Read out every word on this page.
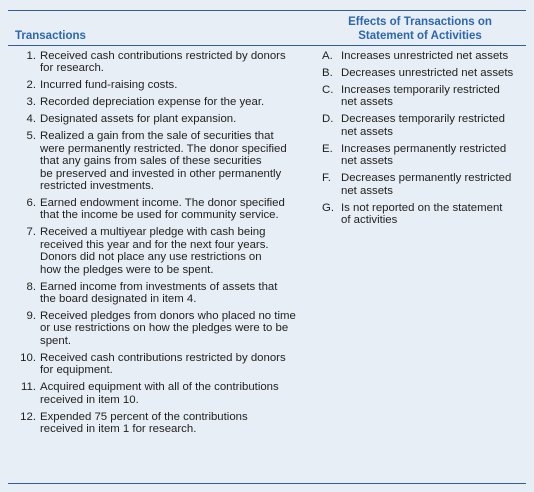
Effects of Transactions on
Statement of Activities
Transactions
1. Received cash contributions restricted by donors
for research.
2. Incurred fund-raising costs.
3. Recorded depreciation expense for the year.
4. Designated assets for plant expansion.
5. Realized a gain from the sale of securities that
were permanently restricted. The donor specified
that any gains from sales of these securities
be preserved and invested in other permanently
restricted investments.
6. Earned endowment income. The donor specified
that the income be used for community service.
7. Received a multiyear pledge with cash being
received this year and for the next four years.
Donors did not place any use restrictions on
how the pledges were to be spent.
8. Earned income from investments of assets that
the board designated in item 4.
9. Received pledges from donors who placed no time
or use restrictions on how the pledges were to be
spent.
10. Received cash contributions restricted by donors
for equipment.
11. Acquired equipment with all of the contributions
received in item 10.
12. Expended 75 percent of the contributions
received in item 1 for research.
A. Increases unrestricted net assets
B. Decreases unrestricted net assets
C. Increases temporarily restricted
net assets
D. Decreases temporarily restricted
net assets
E. Increases permanently restricted
net assets
F. Decreases permanently restricted
net assets
G. Is not reported on the statement
of activities
